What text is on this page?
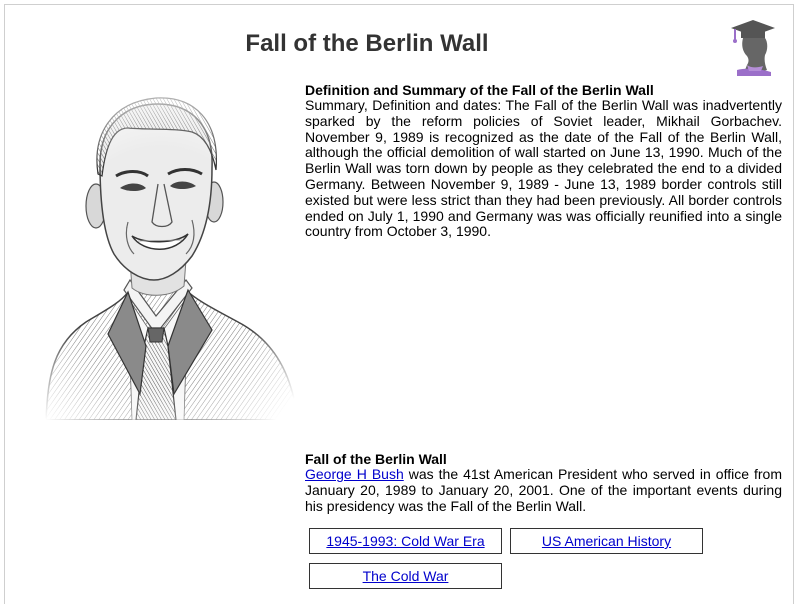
Fall of the Berlin Wall
Definition and Summary of the Fall of the Berlin Wall

Summary, Definition and dates: The Fall of the Berlin Wall was inadvertently sparked by the reform policies of Soviet leader, Mikhail Gorbachev. November 9, 1989 is recognized as the date of the Fall of the Berlin Wall, although the official demolition of wall started on June 13, 1990. Much of the Berlin Wall was torn down by people as they celebrated the end to a divided Germany. Between November 9, 1989 - June 13, 1989 border controls still existed but were less strict than they had been previously. All border controls ended on July 1, 1990 and Germany was was officially reunified into a single country from October 3, 1990.

Fall of the Berlin Wall

George H Bush was the 41st American President who served in office from January 20, 1989 to January 20, 2001. One of the important events during his presidency was the Fall of the Berlin Wall.

1945-1993: Cold War Era	US American History
The Cold War
